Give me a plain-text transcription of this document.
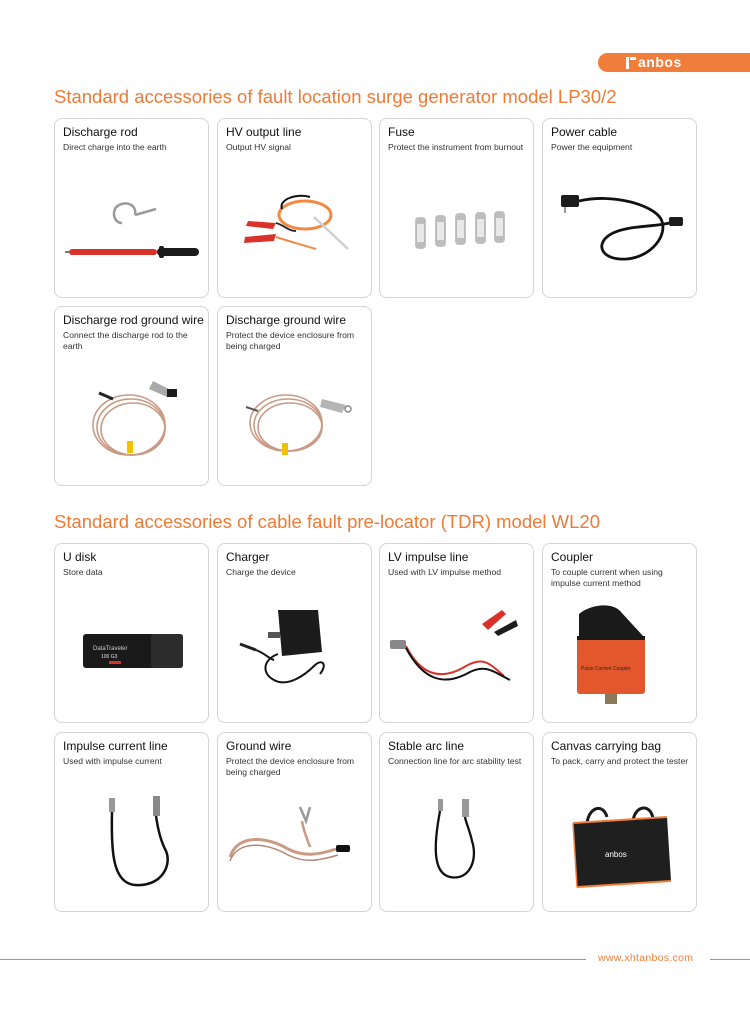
anbos
Standard accessories of fault location surge generator model LP30/2
Standard accessories of cable fault pre-locator (TDR) model WL20
Discharge rod
Direct charge into the earth
HV output line
Output HV signal
Fuse
Protect the instrument from burnout
Power cable
Power the equipment
Discharge rod ground wire
Connect the discharge rod to the earth
Discharge ground wire
Protect the device enclosure from being charged
U disk
Store data
DataTraveler
100 G3
Charger
Charge the device
LV impulse line
Used with LV impulse method
Coupler
To couple current when using impulse current method
Pulse Current Coupler
Impulse current line
Used with impulse current
Ground wire
Protect the device enclosure from being charged
Stable arc line
Connection line for arc stability test
Canvas carrying bag
To pack, carry and protect the tester
anbos
www.xhtanbos.com
